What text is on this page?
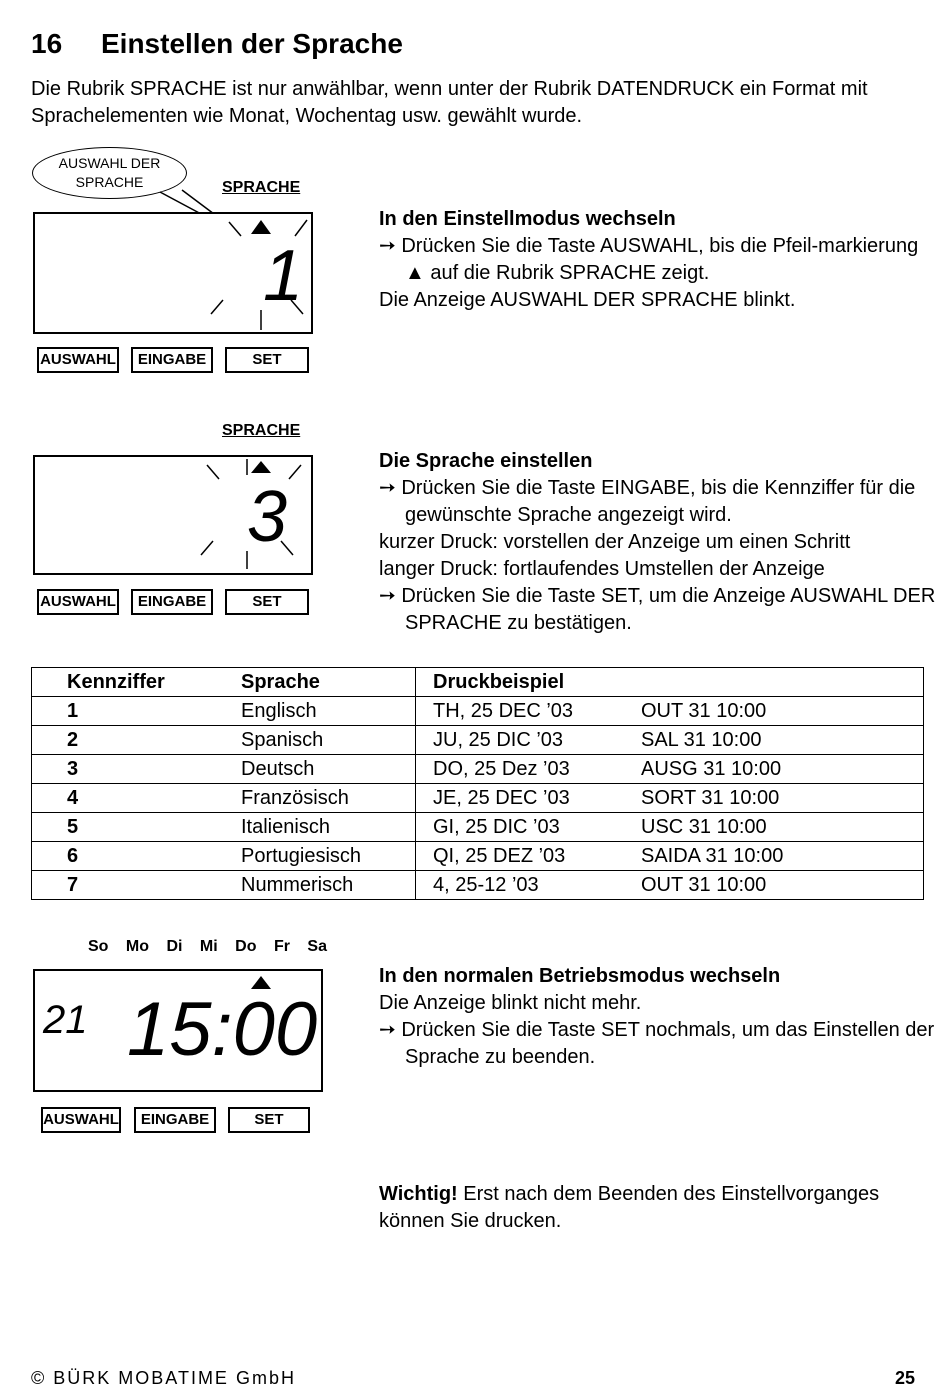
16 Einstellen der Sprache
Die Rubrik SPRACHE ist nur anwählbar, wenn unter der Rubrik DATENDRUCK ein Format mit Sprachelementen wie Monat, Wochentag usw. gewählt wurde.
AUSWAHL DER
SPRACHE	SPRACHE
1
AUSWAHL	EINGABE	SET
In den Einstellmodus wechseln
➙ Drücken Sie die Taste AUSWAHL, bis die Pfeil-markierung ▲ auf die Rubrik SPRACHE zeigt.
Die Anzeige AUSWAHL DER SPRACHE blinkt.
SPRACHE
3
AUSWAHL	EINGABE	SET
Die Sprache einstellen
➙ Drücken Sie die Taste EINGABE, bis die Kennziffer für die gewünschte Sprache angezeigt wird.
kurzer Druck: vorstellen der Anzeige um einen Schritt
langer Druck: fortlaufendes Umstellen der Anzeige
➙ Drücken Sie die Taste SET, um die Anzeige AUSWAHL DER SPRACHE zu bestätigen.
Kennziffer	Sprache	Druckbeispiel	
1	Englisch	TH, 25 DEC ’03	OUT 31 10:00
2	Spanisch	JU, 25 DIC ’03	SAL 31 10:00
3	Deutsch	DO, 25 Dez ’03	AUSG 31 10:00
4	Französisch	JE, 25 DEC ’03	SORT 31 10:00
5	Italienisch	GI, 25 DIC ’03	USC 31 10:00
6	Portugiesisch	QI, 25 DEZ ’03	SAIDA 31 10:00
7	Nummerisch	4, 25-12 ’03	OUT 31 10:00
So Mo Di Mi Do Fr Sa
21 15:00
AUSWAHL	EINGABE	SET
In den normalen Betriebsmodus wechseln
Die Anzeige blinkt nicht mehr.
➙ Drücken Sie die Taste SET nochmals, um das Einstellen der Sprache zu beenden.
Wichtig! Erst nach dem Beenden des Einstellvorganges können Sie drucken.
© BÜRK MOBATIME GmbH	25
